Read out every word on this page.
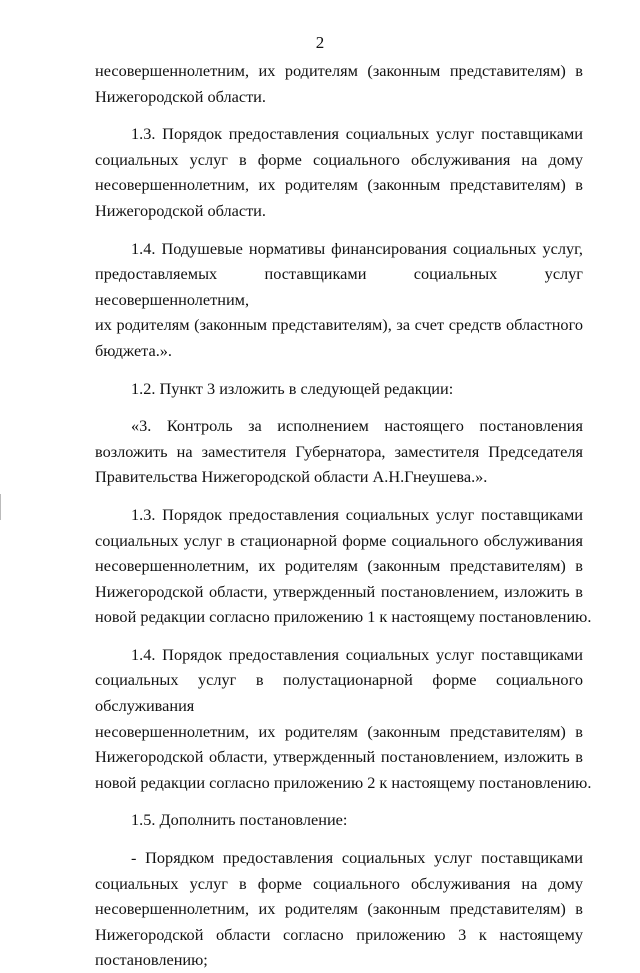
2

несовершеннолетним, их родителям (законным представителям) в
Нижегородской области.

1.3. Порядок предоставления социальных услуг поставщиками
социальных услуг в форме социального обслуживания на дому
несовершеннолетним, их родителям (законным представителям) в
Нижегородской области.

1.4. Подушевые нормативы финансирования социальных услуг,
предоставляемых поставщиками социальных услуг несовершеннолетним,
их родителям (законным представителям), за счет средств областного
бюджета.».

1.2. Пункт 3 изложить в следующей редакции:

«3. Контроль за исполнением настоящего постановления
возложить на заместителя Губернатора, заместителя Председателя
Правительства Нижегородской области А.Н.Гнеушева.».

1.3. Порядок предоставления социальных услуг поставщиками
социальных услуг в стационарной форме социального обслуживания
несовершеннолетним, их родителям (законным представителям) в
Нижегородской области, утвержденный постановлением, изложить в
новой редакции согласно приложению 1 к настоящему постановлению.

1.4. Порядок предоставления социальных услуг поставщиками
социальных услуг в полустационарной форме социального обслуживания
несовершеннолетним, их родителям (законным представителям) в
Нижегородской области, утвержденный постановлением, изложить в
новой редакции согласно приложению 2 к настоящему постановлению.

1.5. Дополнить постановление:

- Порядком предоставления социальных услуг поставщиками
социальных услуг в форме социального обслуживания на дому
несовершеннолетним, их родителям (законным представителям) в
Нижегородской области согласно приложению 3 к настоящему
постановлению;
